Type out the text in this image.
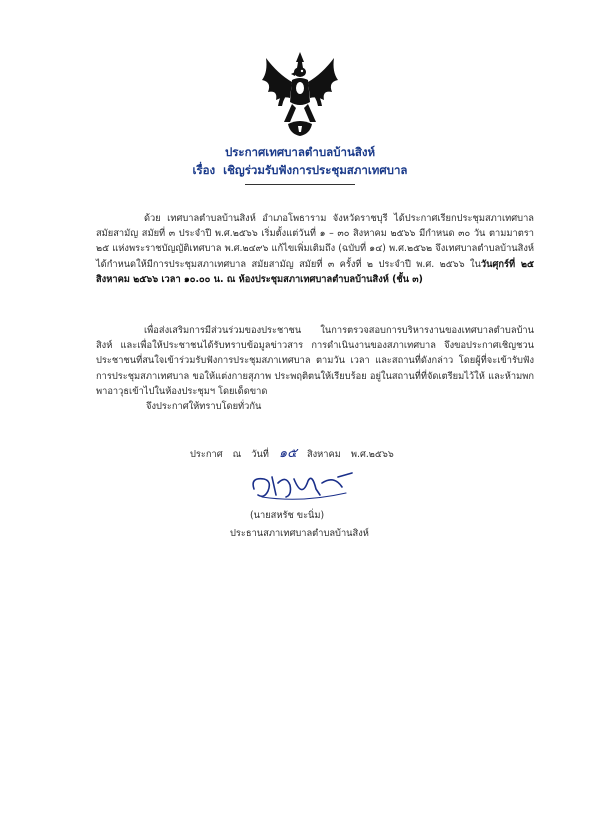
ประกาศเทศบาลตำบลบ้านสิงห์

เรื่อง เชิญร่วมรับฟังการประชุมสภาเทศบาล

ด้วย เทศบาลตำบลบ้านสิงห์ อำเภอโพธาราม จังหวัดราชบุรี ได้ประกาศเรียกประชุมสภาเทศบาล สมัยสามัญ สมัยที่ ๓ ประจำปี พ.ศ.๒๕๖๖ เริ่มตั้งแต่วันที่ ๑ – ๓๐ สิงหาคม ๒๕๖๖ มีกำหนด ๓๐ วัน ตามมาตรา ๒๕ แห่งพระราชบัญญัติเทศบาล พ.ศ.๒๔๙๖ แก้ไขเพิ่มเติมถึง (ฉบับที่ ๑๔) พ.ศ.๒๕๖๒ จึงเทศบาลตำบลบ้านสิงห์ ได้กำหนดให้มีการประชุมสภาเทศบาล สมัยสามัญ สมัยที่ ๓ ครั้งที่ ๒ ประจำปี พ.ศ. ๒๕๖๖ ในวันศุกร์ที่ ๒๕ สิงหาคม ๒๕๖๖ เวลา ๑๐.๐๐ น. ณ ห้องประชุมสภาเทศบาลตำบลบ้านสิงห์ (ชั้น ๓)

เพื่อส่งเสริมการมีส่วนร่วมของประชาชน ในการตรวจสอบการบริหารงานของเทศบาลตำบลบ้านสิงห์ และเพื่อให้ประชาชนได้รับทราบข้อมูลข่าวสาร การดำเนินงานของสภาเทศบาล จึงขอประกาศเชิญชวนประชาชนที่สนใจเข้าร่วมรับฟังการประชุมสภาเทศบาล ตามวัน เวลา และสถานที่ดังกล่าว โดยผู้ที่จะเข้ารับฟังการประชุมสภาเทศบาล ขอให้แต่งกายสุภาพ ประพฤติตนให้เรียบร้อย อยู่ในสถานที่ที่จัดเตรียมไว้ให้ และห้ามพกพาอาวุธเข้าไปในห้องประชุมฯ โดยเด็ดขาด

จึงประกาศให้ทราบโดยทั่วกัน

ประกาศ ณ วันที่ ๑๕ สิงหาคม พ.ศ.๒๕๖๖
(นายสหรัช ขะนิ่ม)
ประธานสภาเทศบาลตำบลบ้านสิงห์
